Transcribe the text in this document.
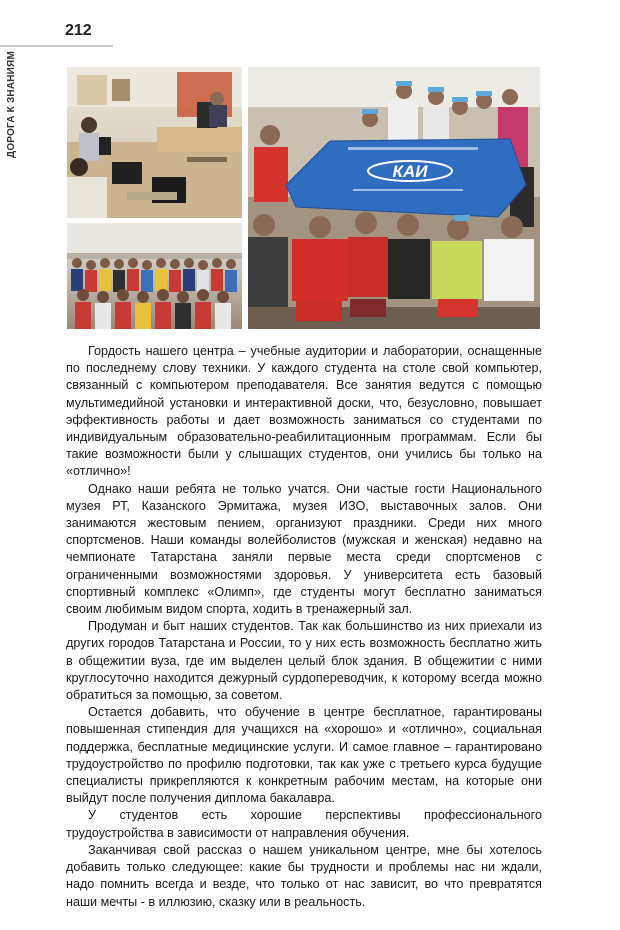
212
ДОРОГА К ЗНАНИЯМ
КАИ

Гордость нашего центра – учебные аудитории и лаборатории, оснащенные по последнему слову техники. У каждого студента на столе свой компьютер, связанный с компьютером преподавателя. Все занятия ведутся с помощью мультимедийной установки и интерактивной доски, что, безусловно, повышает эффективность работы и дает возможность заниматься со студентами по индивидуальным образовательно-реабилитационным программам. Если бы такие возможности были у слышащих студентов, они учились бы только на «отлично»!

Однако наши ребята не только учатся. Они частые гости Национального музея РТ, Казанского Эрмитажа, музея ИЗО, выставочных залов. Они занимаются жестовым пением, организуют праздники. Среди них много спортсменов. Наши команды волейболистов (мужская и женская) недавно на чемпионате Татарстана заняли первые места среди спортсменов с ограниченными возможностями здоровья. У университета есть базовый спортивный комплекс «Олимп», где студенты могут бесплатно заниматься своим любимым видом спорта, ходить в тренажерный зал.

Продуман и быт наших студентов. Так как большинство из них приехали из других городов Татарстана и России, то у них есть возможность бесплатно жить в общежитии вуза, где им выделен целый блок здания. В общежитии с ними круглосуточно находится дежурный сурдопереводчик, к которому всегда можно обратиться за помощью, за советом.

Остается добавить, что обучение в центре бесплатное, гарантированы повышенная стипендия для учащихся на «хорошо» и «отлично», социальная поддержка, бесплатные медицинские услуги. И самое главное – гарантировано трудоустройство по профилю подготовки, так как уже с третьего курса будущие специалисты прикрепляются к конкретным рабочим местам, на которые они выйдут после получения диплома бакалавра.

У студентов есть хорошие перспективы профессионального трудоустройства в зависимости от направления обучения.

Заканчивая свой рассказ о нашем уникальном центре, мне бы хотелось добавить только следующее: какие бы трудности и проблемы нас ни ждали, надо помнить всегда и везде, что только от нас зависит, во что превратятся наши мечты - в иллюзию, сказку или в реальность.
